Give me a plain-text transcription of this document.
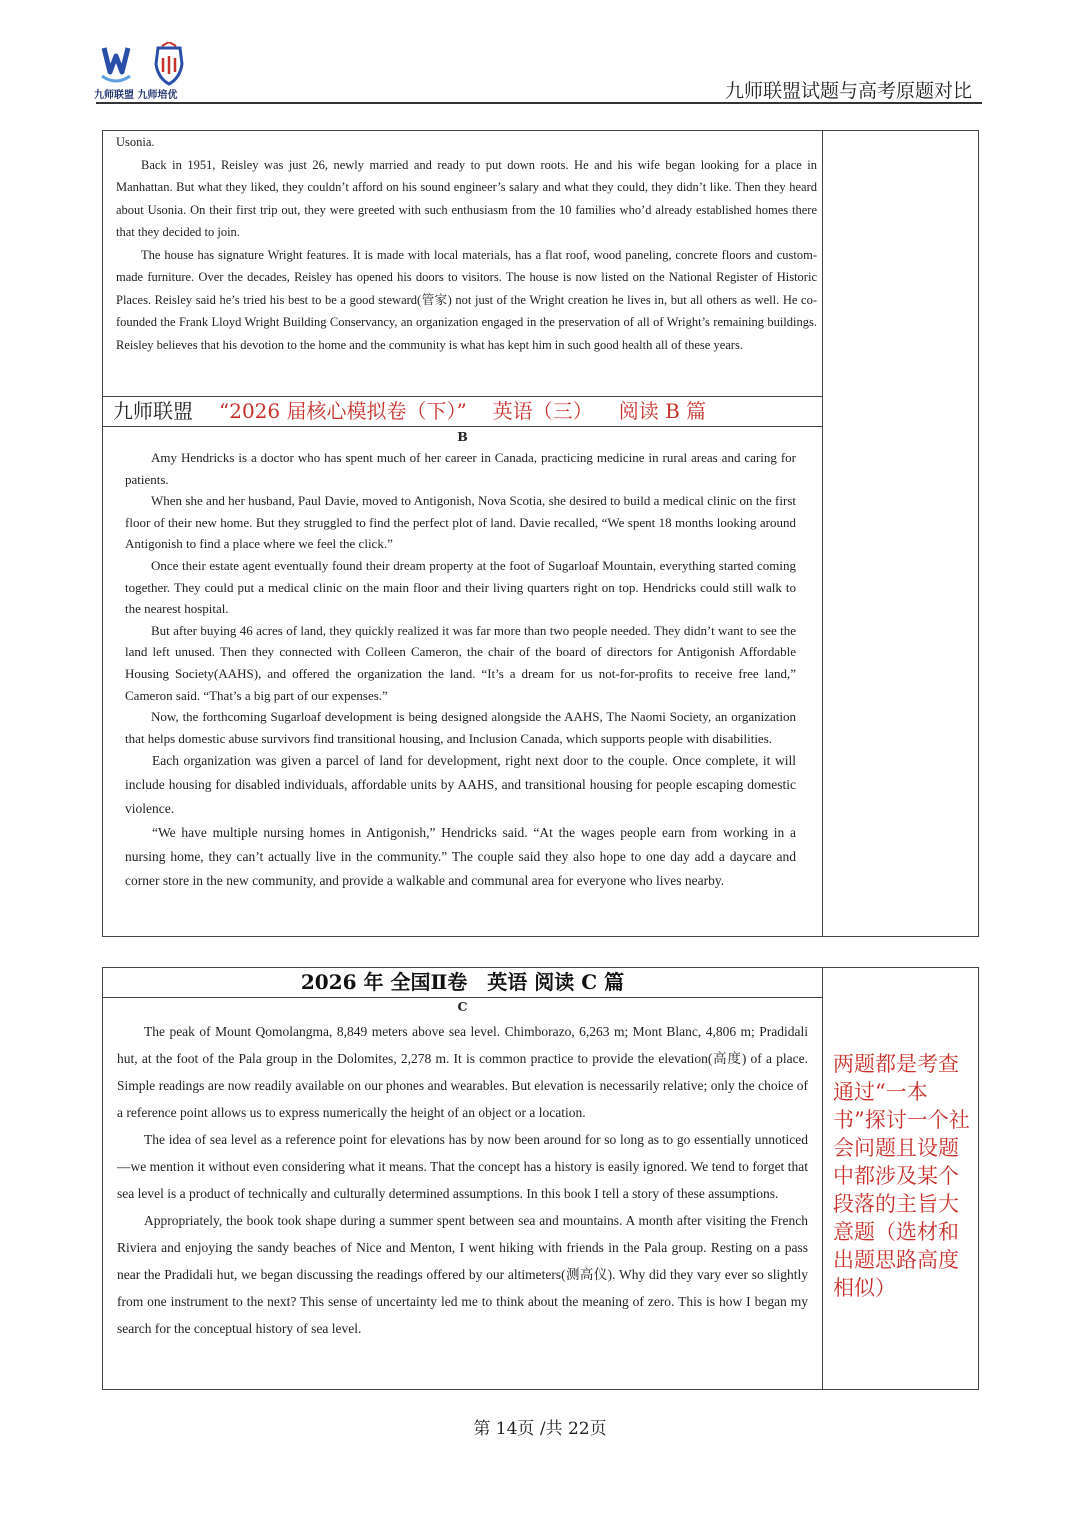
九师联盟 九师培优	九师联盟试题与高考原题对比

Usonia.

Back in 1951, Reisley was just 26, newly married and ready to put down roots. He and his wife began looking for a place in Manhattan. But what they liked, they couldn’t afford on his sound engineer’s salary and what they could, they didn’t like. Then they heard about Usonia. On their first trip out, they were greeted with such enthusiasm from the 10 families who’d already established homes there that they decided to join.

The house has signature Wright features. It is made with local materials, has a flat roof, wood paneling, concrete floors and custom-made furniture. Over the decades, Reisley has opened his doors to visitors. The house is now listed on the National Register of Historic Places. Reisley said he’s tried his best to be a good steward(管家) not just of the Wright creation he lives in, but all others as well. He co-founded the Frank Lloyd Wright Building Conservancy, an organization engaged in the preservation of all of Wright’s remaining buildings. Reisley believes that his devotion to the home and the community is what has kept him in such good health all of these years.

九师联盟 “2026 届核心模拟卷（下）” 英语（三） 阅读 B 篇

B

Amy Hendricks is a doctor who has spent much of her career in Canada, practicing medicine in rural areas and caring for patients.

When she and her husband, Paul Davie, moved to Antigonish, Nova Scotia, she desired to build a medical clinic on the first floor of their new home. But they struggled to find the perfect plot of land. Davie recalled, “We spent 18 months looking around Antigonish to find a place where we feel the click.”

Once their estate agent eventually found their dream property at the foot of Sugarloaf Mountain, everything started coming together. They could put a medical clinic on the main floor and their living quarters right on top. Hendricks could still walk to the nearest hospital.

But after buying 46 acres of land, they quickly realized it was far more than two people needed. They didn’t want to see the land left unused. Then they connected with Colleen Cameron, the chair of the board of directors for Antigonish Affordable Housing Society(AAHS), and offered the organization the land. “It’s a dream for us not-for-profits to receive free land,” Cameron said. “That’s a big part of our expenses.”

Now, the forthcoming Sugarloaf development is being designed alongside the AAHS, The Naomi Society, an organization that helps domestic abuse survivors find transitional housing, and Inclusion Canada, which supports people with disabilities.

Each organization was given a parcel of land for development, right next door to the couple. Once complete, it will include housing for disabled individuals, affordable units by AAHS, and transitional housing for people escaping domestic violence.

“We have multiple nursing homes in Antigonish,” Hendricks said. “At the wages people earn from working in a nursing home, they can’t actually live in the community.” The couple said they also hope to one day add a daycare and corner store in the new community, and provide a walkable and communal area for everyone who lives nearby.

2026 年 全国Ⅱ卷　英语 阅读 C 篇

两题都是考查通过“一本书”探讨一个社会问题且设题中都涉及某个段落的主旨大意题（选材和出题思路高度相似）

C

The peak of Mount Qomolangma, 8,849 meters above sea level. Chimborazo, 6,263 m; Mont Blanc, 4,806 m; Pradidali hut, at the foot of the Pala group in the Dolomites, 2,278 m. It is common practice to provide the elevation(高度) of a place. Simple readings are now readily available on our phones and wearables. But elevation is necessarily relative; only the choice of a reference point allows us to express numerically the height of an object or a location.

The idea of sea level as a reference point for elevations has by now been around for so long as to go essentially unnoticed—we mention it without even considering what it means. That the concept has a history is easily ignored. We tend to forget that sea level is a product of technically and culturally determined assumptions. In this book I tell a story of these assumptions.

Appropriately, the book took shape during a summer spent between sea and mountains. A month after visiting the French Riviera and enjoying the sandy beaches of Nice and Menton, I went hiking with friends in the Pala group. Resting on a pass near the Pradidali hut, we began discussing the readings offered by our altimeters(测高仪). Why did they vary ever so slightly from one instrument to the next? This sense of uncertainty led me to think about the meaning of zero. This is how I began my search for the conceptual history of sea level.

第 14页 /共 22页
